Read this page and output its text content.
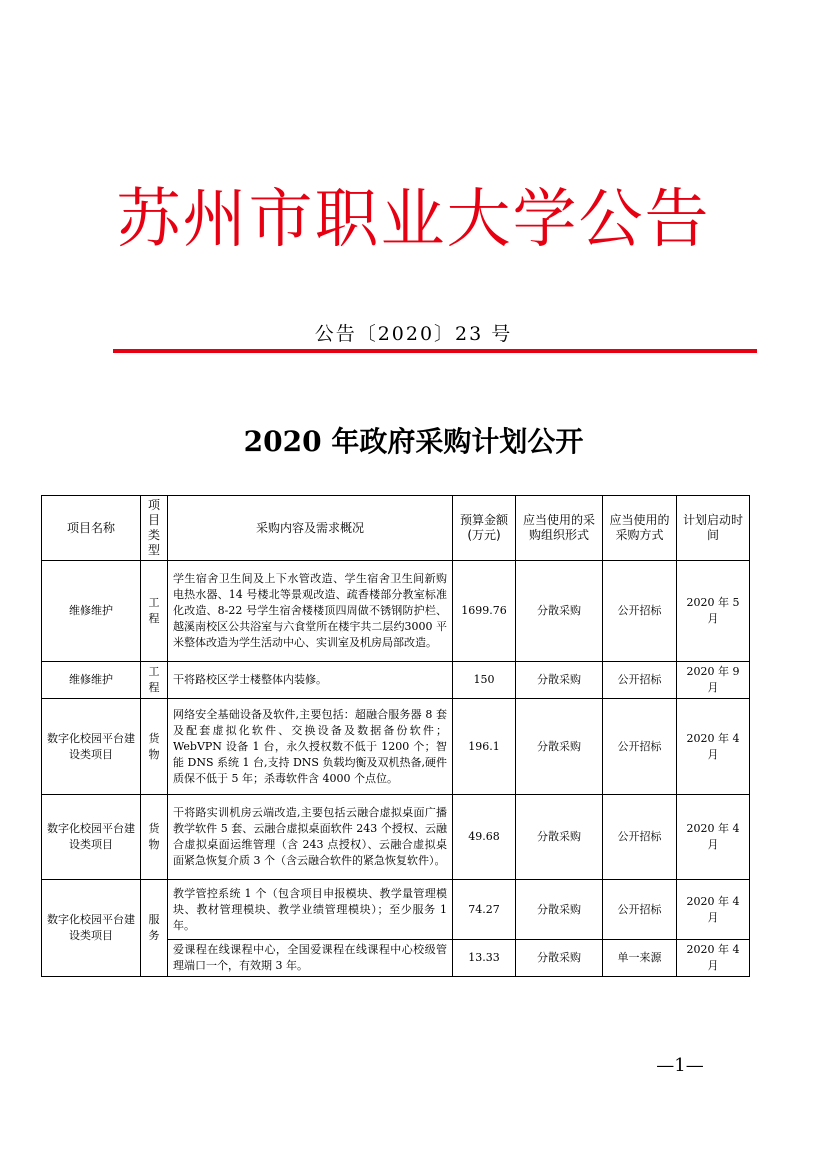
苏州市职业大学公告
公告〔2020〕23 号
2020 年政府采购计划公开
项目名称	项目类型	采购内容及需求概况	预算金额(万元)	应当使用的采购组织形式	应当使用的采购方式	计划启动时间
维修维护	工程	学生宿舍卫生间及上下水管改造、学生宿舍卫生间新购电热水器、14 号楼北等景观改造、疏香楼部分教室标准化改造、8-22 号学生宿舍楼楼顶四周做不锈钢防护栏、越溪南校区公共浴室与六食堂所在楼宇共二层约3000 平米整体改造为学生活动中心、实训室及机房局部改造。	1699.76	分散采购	公开招标	2020 年 5 月
维修维护	工程	干将路校区学士楼整体内装修。	150	分散采购	公开招标	2020 年 9 月
数字化校园平台建设类项目	货物	网络安全基础设备及软件,主要包括：超融合服务器 8 套及配套虚拟化软件、交换设备及数据备份软件；WebVPN 设备 1 台，永久授权数不低于 1200 个；智能 DNS 系统 1 台,支持 DNS 负载均衡及双机热备,硬件质保不低于 5 年；杀毒软件含 4000 个点位。	196.1	分散采购	公开招标	2020 年 4 月
数字化校园平台建设类项目	货物	干将路实训机房云端改造,主要包括云融合虚拟桌面广播教学软件 5 套、云融合虚拟桌面软件 243 个授权、云融合虚拟桌面运维管理（含 243 点授权）、云融合虚拟桌面紧急恢复介质 3 个（含云融合软件的紧急恢复软件）。	49.68	分散采购	公开招标	2020 年 4 月
数字化校园平台建设类项目	服务	教学管控系统 1 个（包含项目申报模块、教学量管理模块、教材管理模块、教学业绩管理模块）；至少服务 1 年。	74.27	分散采购	公开招标	2020 年 4 月
		爱课程在线课程中心，全国爱课程在线课程中心校级管理端口一个，有效期 3 年。	13.33	分散采购	单一来源	2020 年 4 月
—1—
